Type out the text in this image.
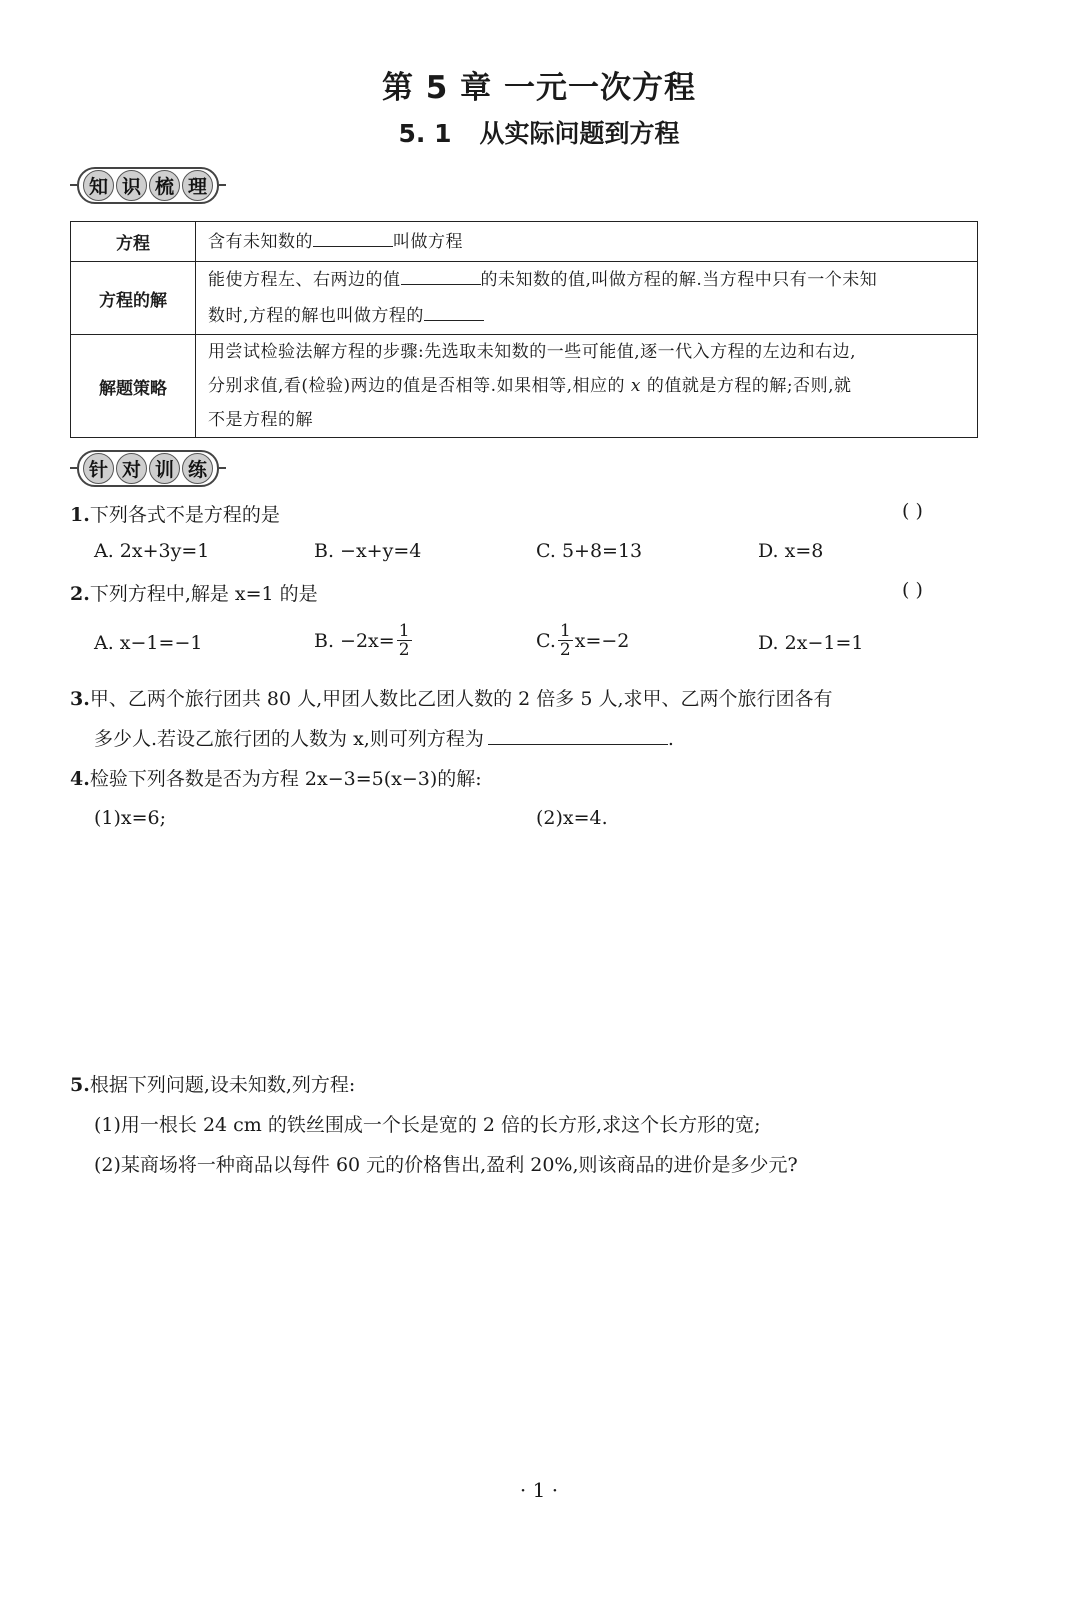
第 5 章 一元一次方程
5. 1 从实际问题到方程
知 识 梳 理
方程	含有未知数的 叫做方程
方程的解	能使方程左、右两边的值 的未知数的值,叫做方程的解.当方程中只有一个未知
数时,方程的解也叫做方程的
解题策略	用尝试检验法解方程的步骤:先选取未知数的一些可能值,逐一代入方程的左边和右边,
分别求值,看(检验)两边的值是否相等.如果相等,相应的 x 的值就是方程的解;否则,就
不是方程的解
针 对 训 练
1.下列各式不是方程的是	( )
A. 2x+3y=1	B. −x+y=4	C. 5+8=13	D. x=8
2.下列方程中,解是 x=1 的是	( )
A. x−1=−1	B. $-2x= \frac{1}{2}$	C. $\frac{1}{2} x=-2$	D. 2x−1=1
3.甲、乙两个旅行团共 80 人,甲团人数比乙团人数的 2 倍多 5 人,求甲、乙两个旅行团各有
多少人.若设乙旅行团的人数为 x,则可列方程为	.
4.检验下列各数是否为方程 2x−3=5(x−3)的解:
(1)x=6;	(2)x=4.
5.根据下列问题,设未知数,列方程:
(1)用一根长 24 cm 的铁丝围成一个长是宽的 2 倍的长方形,求这个长方形的宽;
(2)某商场将一种商品以每件 60 元的价格售出,盈利 20%,则该商品的进价是多少元?
· 1 ·
